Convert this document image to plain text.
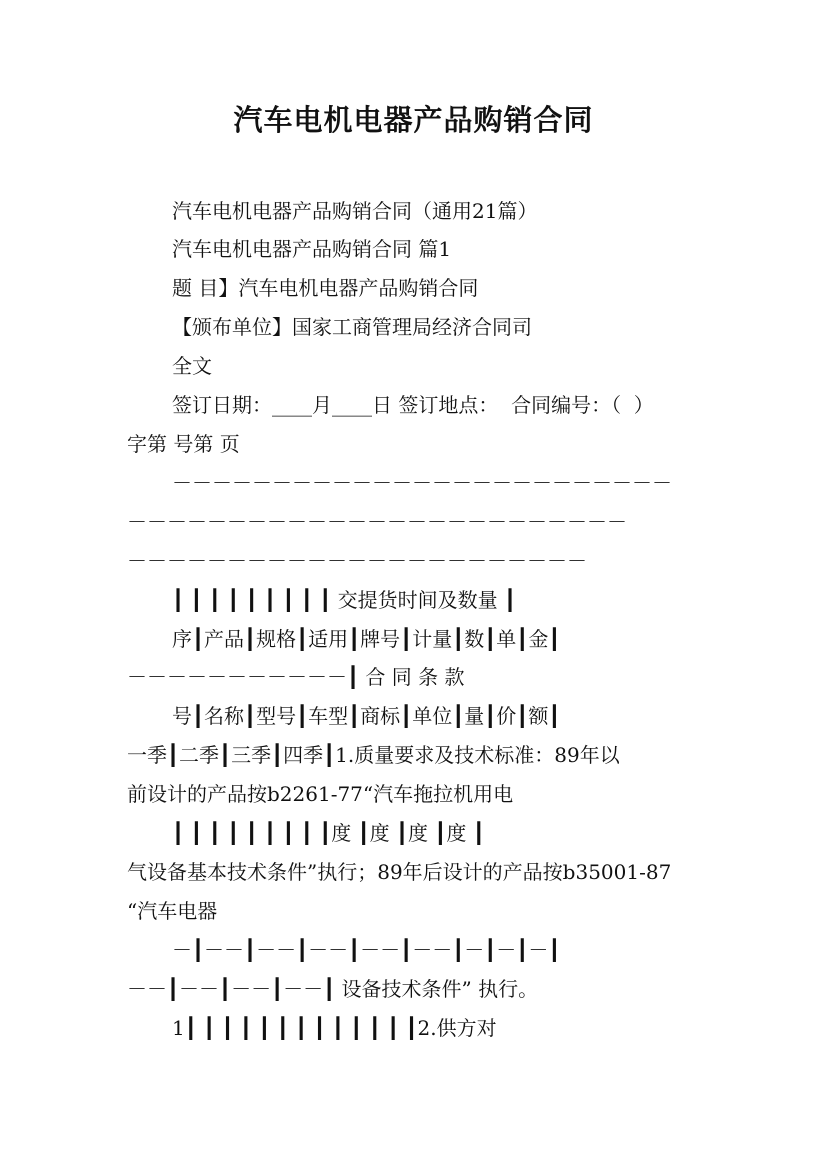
汽车电机电器产品购销合同
汽车电机电器产品购销合同（通用21篇）
汽车电机电器产品购销合同 篇1
题 目】汽车电机电器产品购销合同
【颁布单位】国家工商管理局经济合同司
全文
签订日期：____月____日 签订地点：  合同编号：（  ）
字第 号第 页
－－－－－－－－－－－－－－－－－－－－－－－－－
－－－－－－－－－－－－－－－－－－－－－－－－－
－－－－－－－－－－－－－－－－－－－－－－－
┃ ┃ ┃ ┃ ┃ ┃ ┃ ┃ ┃ 交提货时间及数量 ┃
序┃产品┃规格┃适用┃牌号┃计量┃数┃单┃金┃
－－－－－－－－－－－┃ 合 同 条 款
号┃名称┃型号┃车型┃商标┃单位┃量┃价┃额┃
一季┃二季┃三季┃四季┃1.质量要求及技术标准：89年以
前设计的产品按b2261-77“汽车拖拉机用电
┃ ┃ ┃ ┃ ┃ ┃ ┃ ┃ ┃度 ┃度 ┃度 ┃度 ┃
气设备基本技术条件”执行；89年后设计的产品按b35001-87
“汽车电器
－┃－－┃－－┃－－┃－－┃－－┃－┃－┃－┃
－－┃－－┃－－┃－－┃ 设备技术条件” 执行。
1┃ ┃ ┃ ┃ ┃ ┃ ┃ ┃ ┃ ┃ ┃ ┃ ┃2.供方对
